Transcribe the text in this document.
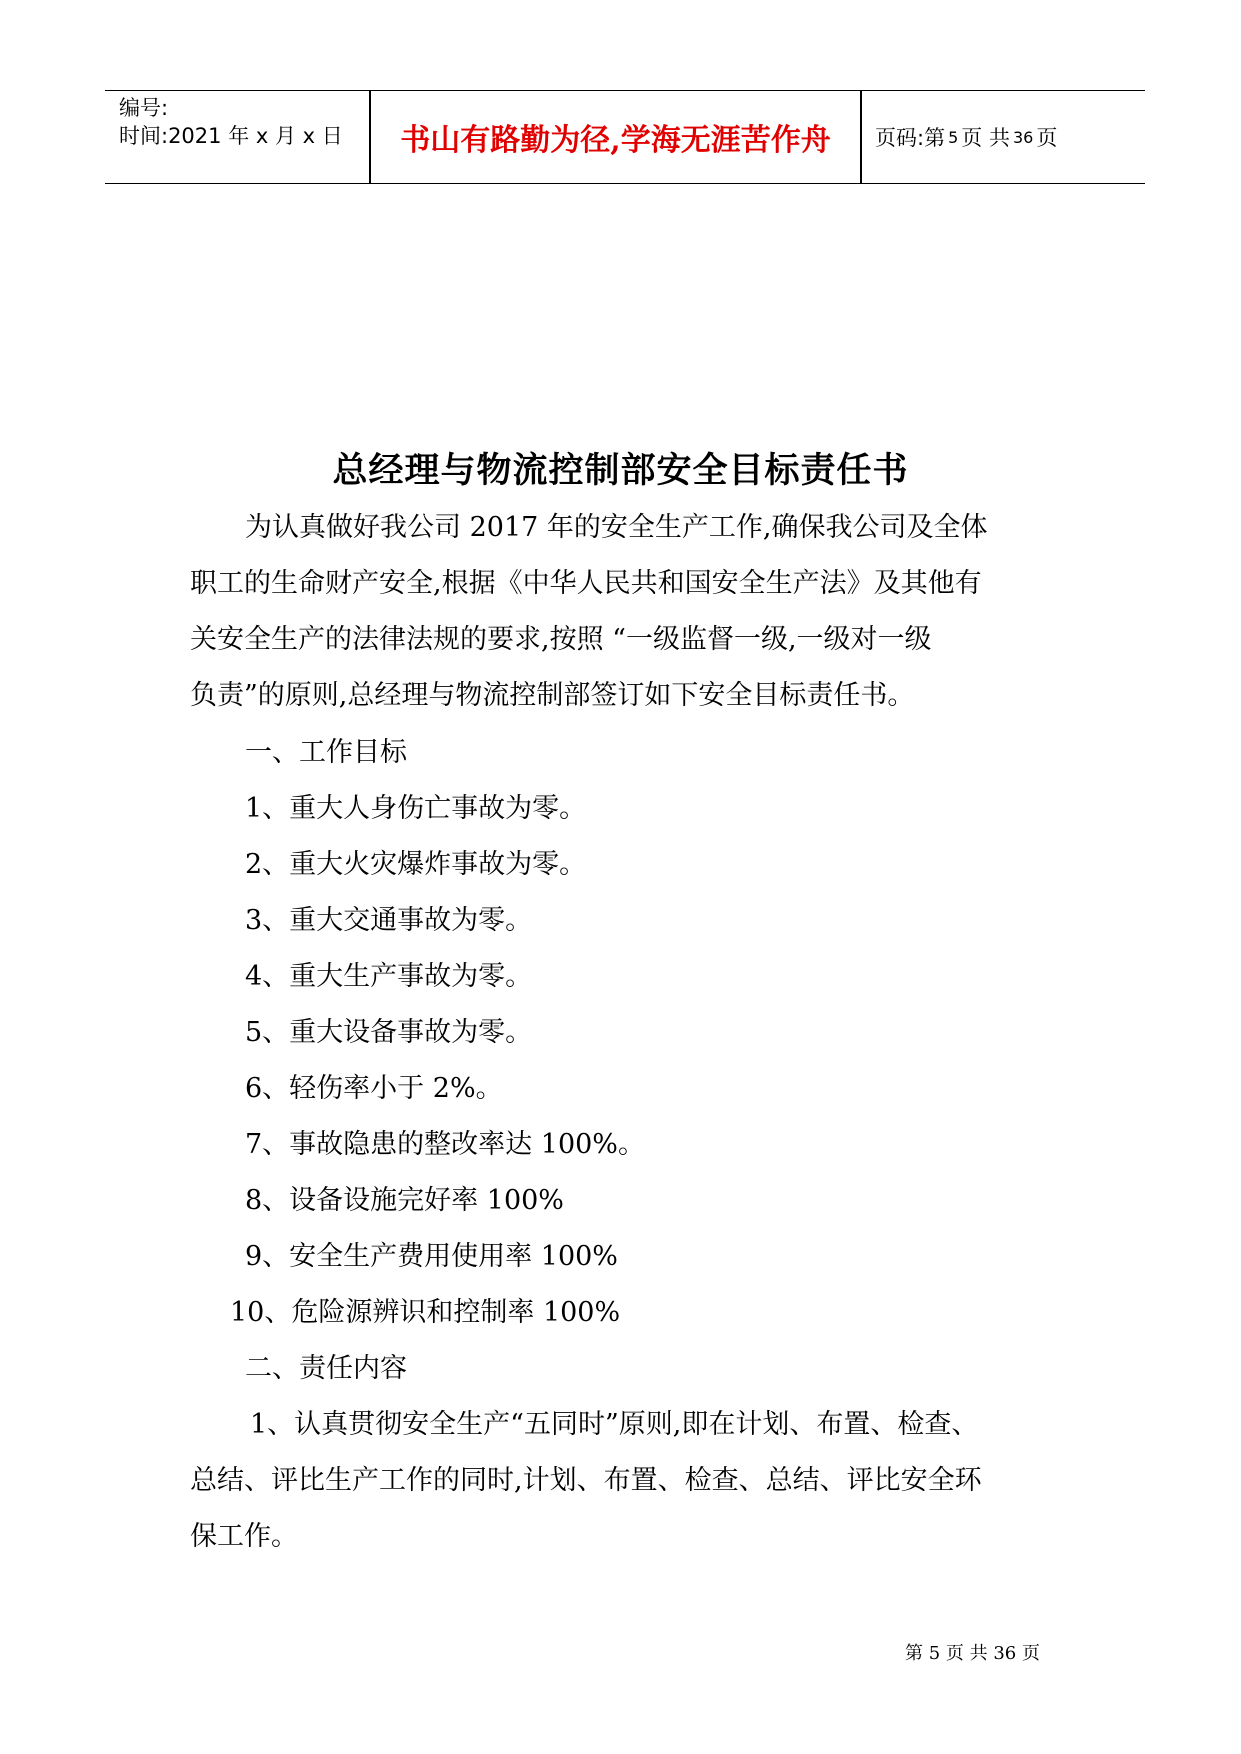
编号:
时间:2021 年 x 月 x 日	书山有路勤为径,学海无涯苦作舟	页码:第 5 页 共 36 页
总经理与物流控制部安全目标责任书
为认真做好我公司 2017 年的安全生产工作,确保我公司及全体
职工的生命财产安全,根据《中华人民共和国安全生产法》及其他有
关安全生产的法律法规的要求,按照 “一级监督一级,一级对一级
负责”的原则,总经理与物流控制部签订如下安全目标责任书。
一、工作目标
1、重大人身伤亡事故为零。
2、重大火灾爆炸事故为零。
3、重大交通事故为零。
4、重大生产事故为零。
5、重大设备事故为零。
6、轻伤率小于 2%。
7、事故隐患的整改率达 100%。
8、设备设施完好率 100%
9、安全生产费用使用率 100%
10、危险源辨识和控制率 100%
二、责任内容
1、认真贯彻安全生产“五同时”原则,即在计划、布置、检查、
总结、评比生产工作的同时,计划、布置、检查、总结、评比安全环
保工作。
第 5 页 共 36 页
